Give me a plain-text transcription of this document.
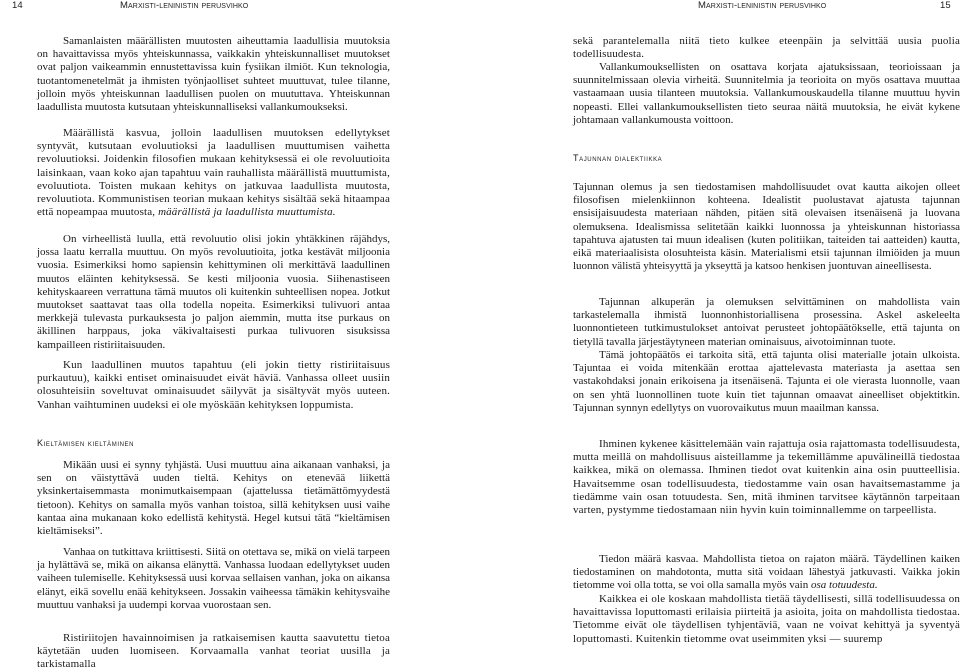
14	Marxisti-leninistin perusvihko	Marxisti-leninistin perusvihko	15

Samanlaisten määrällisten muutosten aiheuttamia laadullisia muutoksia on havaittavissa myös yhteiskunnassa, vaikkakin yhteiskunnalliset muutokset ovat paljon vaikeammin ennustettavissa kuin fysiikan ilmiöt. Kun teknologia, tuotantomenetelmät ja ihmisten työnjaolliset suhteet muuttuvat, tulee tilanne, jolloin myös yhteiskunnan laadullisen puolen on muututtava. Yhteiskunnan laadullista muutosta kutsutaan yhteiskunnalliseksi vallankumoukseksi.

Määrällistä kasvua, jolloin laadullisen muutoksen edellytykset syntyvät, kutsutaan evoluutioksi ja laadullisen muuttumisen vaihetta revoluutioksi. Joidenkin filosofien mukaan kehityksessä ei ole revoluutioita laisinkaan, vaan koko ajan tapahtuu vain rauhallista määrällistä muuttumista, evoluutiota. Toisten mukaan kehitys on jatkuvaa laadullista muutosta, revoluutiota. Kommunistisen teorian mukaan kehitys sisältää sekä hitaampaa että nopeampaa muutosta, määrällistä ja laadullista muuttumista.

On virheellistä luulla, että revoluutio olisi jokin yhtäkkinen räjähdys, jossa laatu kerralla muuttuu. On myös revoluutioita, jotka kestävät miljoonia vuosia. Esimerkiksi homo sapiensin kehittyminen oli merkittävä laadullinen muutos eläinten kehityksessä. Se kesti miljoonia vuosia. Siihenastiseen kehityskaareen verrattuna tämä muutos oli kuitenkin suhteellisen nopea. Jotkut muutokset saattavat taas olla todella nopeita. Esimerkiksi tulivuori antaa merkkejä tulevasta purkauksesta jo paljon aiemmin, mutta itse purkaus on äkillinen harppaus, joka väkivaltaisesti purkaa tulivuoren sisuksissa kampailleen ristiriitaisuuden.

Kun laadullinen muutos tapahtuu (eli jokin tietty ristiriitaisuus purkautuu), kaikki entiset ominaisuudet eivät häviä. Vanhassa olleet uusiin olosuhteisiin soveltuvat ominaisuudet säilyvät ja sisältyvät myös uuteen. Vanhan vaihtuminen uudeksi ei ole myöskään kehityksen loppumista.

Kieltämisen kieltäminen

Mikään uusi ei synny tyhjästä. Uusi muuttuu aina aikanaan vanhaksi, ja sen on väistyttävä uuden tieltä. Kehitys on etenevää liikettä yksinkertaisemmasta monimutkaisempaan (ajattelussa tietämättömyydestä tietoon). Kehitys on samalla myös vanhan toistoa, sillä kehityksen uusi vaihe kantaa aina mukanaan koko edellistä kehitystä. Hegel kutsui tätä “kieltämisen kieltämiseksi”.

Vanhaa on tutkittava kriittisesti. Siitä on otettava se, mikä on vielä tarpeen ja hylättävä se, mikä on aikansa elänyttä. Vanhassa luodaan edellytykset uuden vaiheen tulemiselle. Kehityksessä uusi korvaa sellaisen vanhan, joka on aikansa elänyt, eikä sovellu enää kehitykseen. Jossakin vaiheessa tämäkin kehitysvaihe muuttuu vanhaksi ja uudempi korvaa vuorostaan sen.

Ristiriitojen havainnoimisen ja ratkaisemisen kautta saavutettu tietoa käytetään uuden luomiseen. Korvaamalla vanhat teoriat uusilla ja tarkistamalla

sekä parantelemalla niitä tieto kulkee eteenpäin ja selvittää uusia puolia todellisuudesta.

Vallankumouksellisten on osattava korjata ajatuksissaan, teorioissaan ja suunnitelmissaan olevia virheitä. Suunnitelmia ja teorioita on myös osattava muuttaa vastaamaan uusia tilanteen muutoksia. Vallankumouskaudella tilanne muuttuu hyvin nopeasti. Ellei vallankumouksellisten tieto seuraa näitä muutoksia, he eivät kykene johtamaan vallankumousta voittoon.

Tajunnan dialektiikka

Tajunnan olemus ja sen tiedostamisen mahdollisuudet ovat kautta aikojen olleet filosofisen mielenkiinnon kohteena. Idealistit puolustavat ajatusta tajunnan ensisijaisuudesta materiaan nähden, pitäen sitä olevaisen itsenäisenä ja luovana olemuksena. Idealismissa selitetään kaikki luonnossa ja yhteiskunnan historiassa tapahtuva ajatusten tai muun idealisen (kuten politiikan, taiteiden tai aatteiden) kautta, eikä materiaalisista olosuhteista käsin. Materialismi etsii tajunnan ilmiöiden ja muun luonnon välistä yhteisyyttä ja ykseyttä ja katsoo henkisen juontuvan aineellisesta.

Tajunnan alkuperän ja olemuksen selvittäminen on mahdollista vain tarkastelemalla ihmistä luonnonhistoriallisena prosessina. Askel askeleelta luonnontieteen tutkimustulokset antoivat perusteet johtopäätökselle, että tajunta on tietyllä tavalla järjestäytyneen materian ominaisuus, aivotoiminnan tuote.

Tämä johtopäätös ei tarkoita sitä, että tajunta olisi materialle jotain ulkoista. Tajuntaa ei voida mitenkään erottaa ajattelevasta materiasta ja asettaa sen vastakohdaksi jonain erikoisena ja itsenäisenä. Tajunta ei ole vierasta luonnolle, vaan on sen yhtä luonnollinen tuote kuin tiet tajunnan omaavat aineelliset objektitkin. Tajunnan synnyn edellytys on vuorovaikutus muun maailman kanssa.

Ihminen kykenee käsittelemään vain rajattuja osia rajattomasta todellisuudesta, mutta meillä on mahdollisuus aisteillamme ja tekemillämme apuvälineillä tiedostaa kaikkea, mikä on olemassa. Ihminen tiedot ovat kuitenkin aina osin puutteellisia. Havaitsemme osan todellisuudesta, tiedostamme vain osan havaitsemastamme ja tiedämme vain osan totuudesta. Sen, mitä ihminen tarvitsee käytännön tarpeitaan varten, pystymme tiedostamaan niin hyvin kuin toiminnallemme on tarpeellista.

Tiedon määrä kasvaa. Mahdollista tietoa on rajaton määrä. Täydellinen kaiken tiedostaminen on mahdotonta, mutta sitä voidaan lähestyä jatkuvasti. Vaikka jokin tietomme voi olla totta, se voi olla samalla myös vain osa totuudesta.

Kaikkea ei ole koskaan mahdollista tietää täydellisesti, sillä todellisuudessa on havaittavissa loputtomasti erilaisia piirteitä ja asioita, joita on mahdollista tiedostaa. Tietomme eivät ole täydellisen tyhjentäviä, vaan ne voivat kehittyä ja syventyä loputtomasti. Kuitenkin tietomme ovat useimmiten yksi — suuremp
